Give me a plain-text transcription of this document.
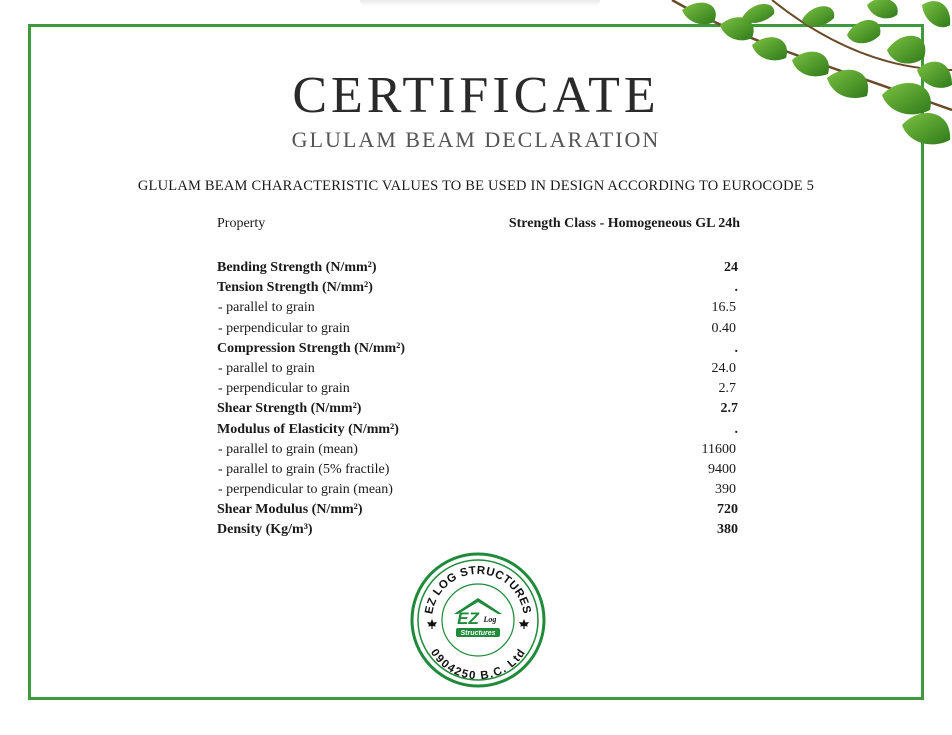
CERTIFICATE
GLULAM BEAM DECLARATION
GLULAM BEAM CHARACTERISTIC VALUES TO BE USED IN DESIGN ACCORDING TO EUROCODE 5
Property	Strength Class - Homogeneous GL 24h
Bending Strength (N/mm²)	24
Tension Strength (N/mm²)	.
- parallel to grain	16.5
- perpendicular to grain	0.40
Compression Strength (N/mm²)	.
- parallel to grain	24.0
- perpendicular to grain	2.7
Shear Strength (N/mm²)	2.7
Modulus of Elasticity (N/mm²)	.
- parallel to grain (mean)	11600
- parallel to grain (5% fractile)	9400
- perpendicular to grain (mean)	390
Shear Modulus (N/mm²)	720
Density (Kg/m³)	380
EZ LOG STRUCTURES
0904250 B.C. Ltd
EZ Log
Structures
